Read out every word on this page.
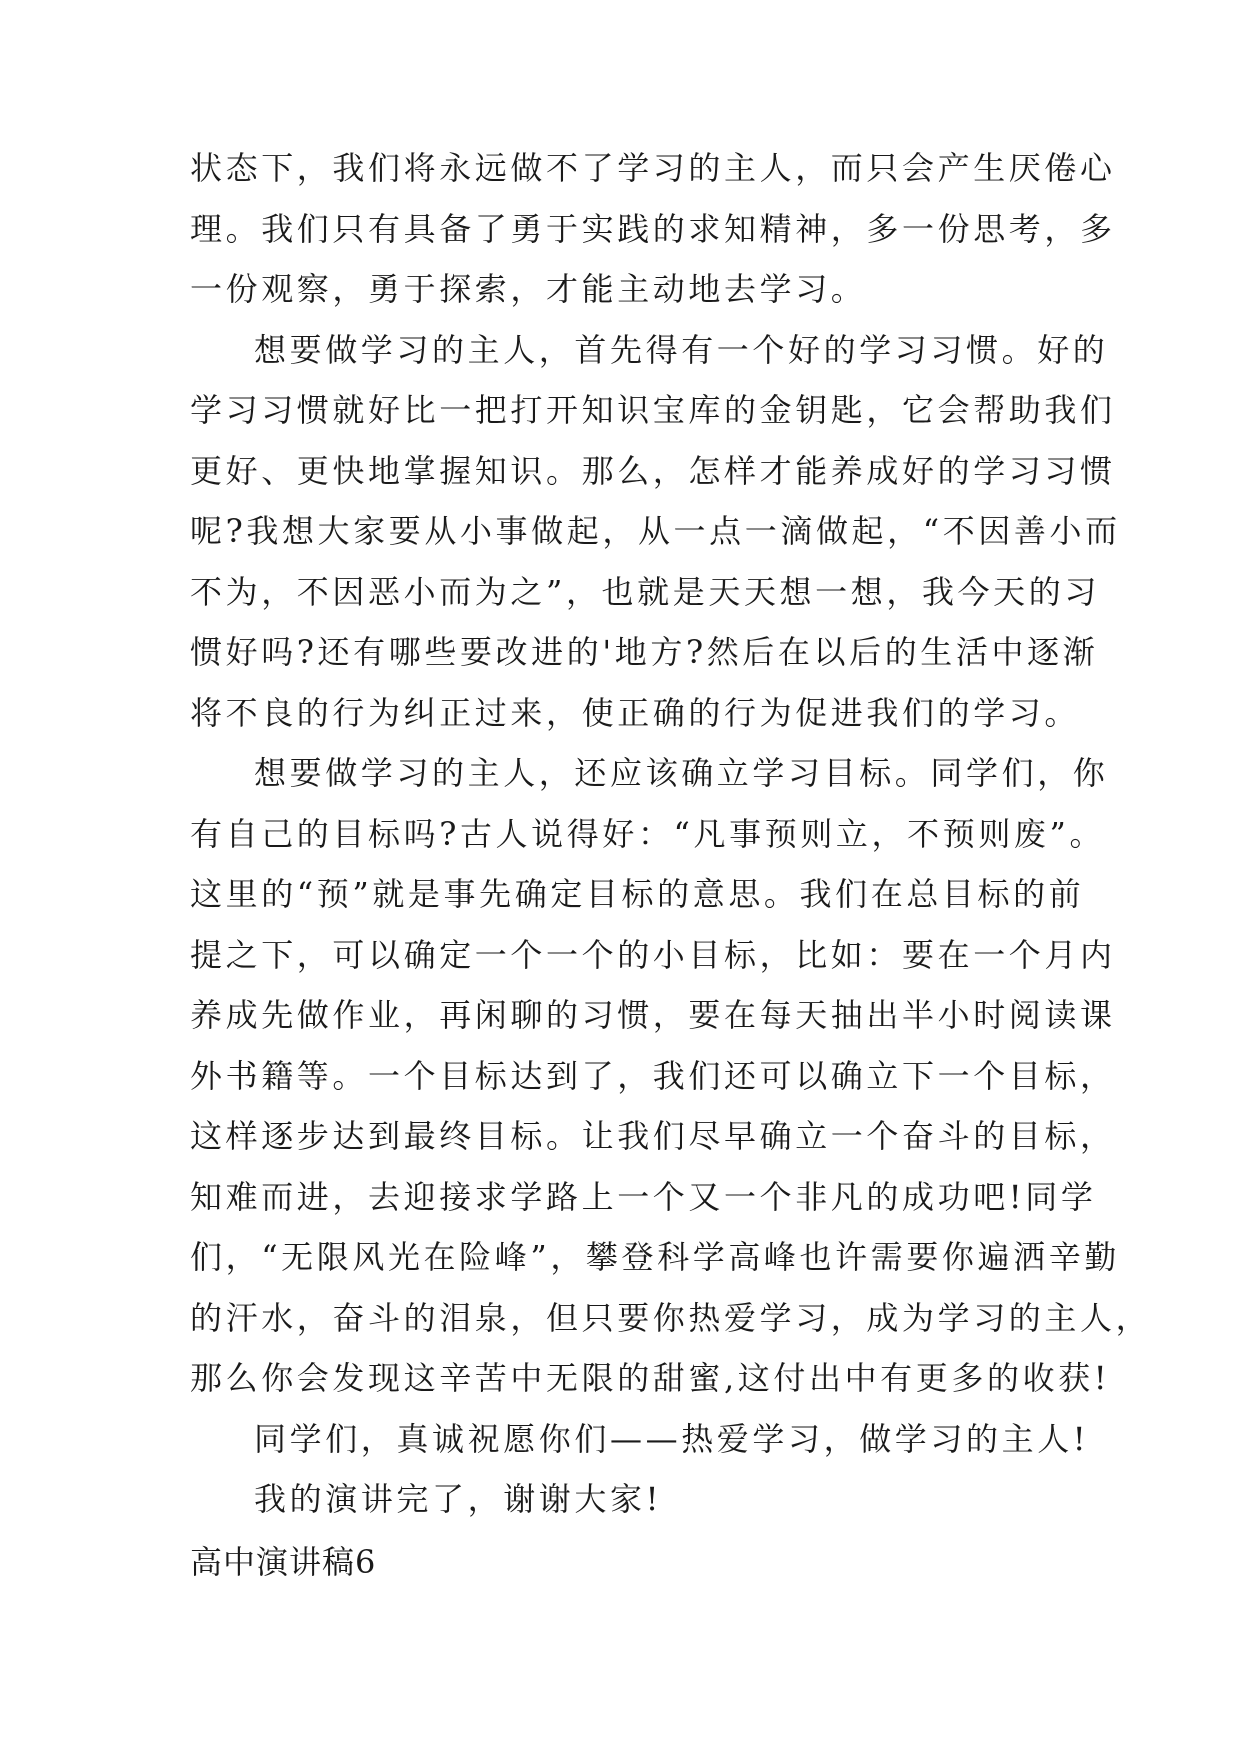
状态下，我们将永远做不了学习的主人，而只会产生厌倦心
理。我们只有具备了勇于实践的求知精神，多一份思考，多
一份观察，勇于探索，才能主动地去学习。
想要做学习的主人，首先得有一个好的学习习惯。好的
学习习惯就好比一把打开知识宝库的金钥匙，它会帮助我们
更好、更快地掌握知识。那么，怎样才能养成好的学习习惯
呢?我想大家要从小事做起，从一点一滴做起，“不因善小而
不为，不因恶小而为之”，也就是天天想一想，我今天的习
惯好吗?还有哪些要改进的'地方?然后在以后的生活中逐渐
将不良的行为纠正过来，使正确的行为促进我们的学习。
想要做学习的主人，还应该确立学习目标。同学们，你
有自己的目标吗?古人说得好：“凡事预则立，不预则废”。
这里的“预”就是事先确定目标的意思。我们在总目标的前
提之下，可以确定一个一个的小目标，比如：要在一个月内
养成先做作业，再闲聊的习惯，要在每天抽出半小时阅读课
外书籍等。一个目标达到了，我们还可以确立下一个目标，
这样逐步达到最终目标。让我们尽早确立一个奋斗的目标，
知难而进，去迎接求学路上一个又一个非凡的成功吧!同学
们，“无限风光在险峰”，攀登科学高峰也许需要你遍洒辛勤
的汗水，奋斗的泪泉，但只要你热爱学习，成为学习的主人，
那么你会发现这辛苦中无限的甜蜜,这付出中有更多的收获!
同学们，真诚祝愿你们——热爱学习，做学习的主人!
我的演讲完了，谢谢大家!
高中演讲稿6
